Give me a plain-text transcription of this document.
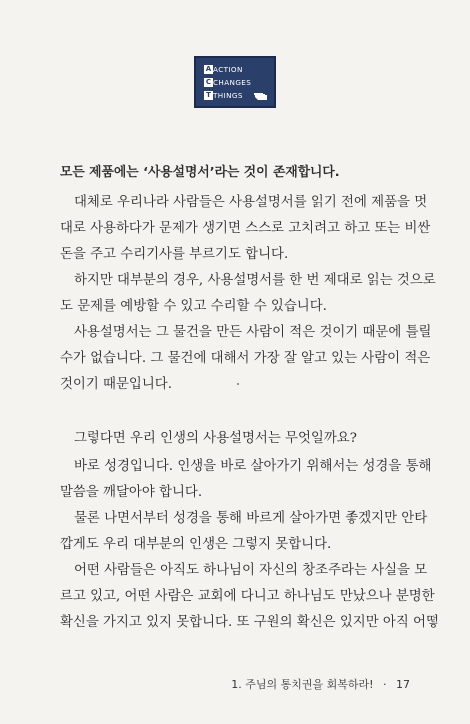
A ACTION
C CHANGES
T THINGS
모든 제품에는 ‘사용설명서’라는 것이 존재합니다.
대체로 우리나라 사람들은 사용설명서를 읽기 전에 제품을 멋
대로 사용하다가 문제가 생기면 스스로 고치려고 하고 또는 비싼
돈을 주고 수리기사를 부르기도 합니다.
하지만 대부분의 경우, 사용설명서를 한 번 제대로 읽는 것으로
도 문제를 예방할 수 있고 수리할 수 있습니다.
사용설명서는 그 물건을 만든 사람이 적은 것이기 때문에 틀릴
수가 없습니다. 그 물건에 대해서 가장 잘 알고 있는 사람이 적은
것이기 때문입니다.
그렇다면 우리 인생의 사용설명서는 무엇일까요?
바로 성경입니다. 인생을 바로 살아가기 위해서는 성경을 통해
말씀을 깨달아야 합니다.
물론 나면서부터 성경을 통해 바르게 살아가면 좋겠지만 안타
깝게도 우리 대부분의 인생은 그렇지 못합니다.
어떤 사람들은 아직도 하나님이 자신의 창조주라는 사실을 모
르고 있고, 어떤 사람은 교회에 다니고 하나님도 만났으나 분명한
확신을 가지고 있지 못합니다. 또 구원의 확신은 있지만 아직 어떻
1. 주님의 통치권을 회복하라! · 17
